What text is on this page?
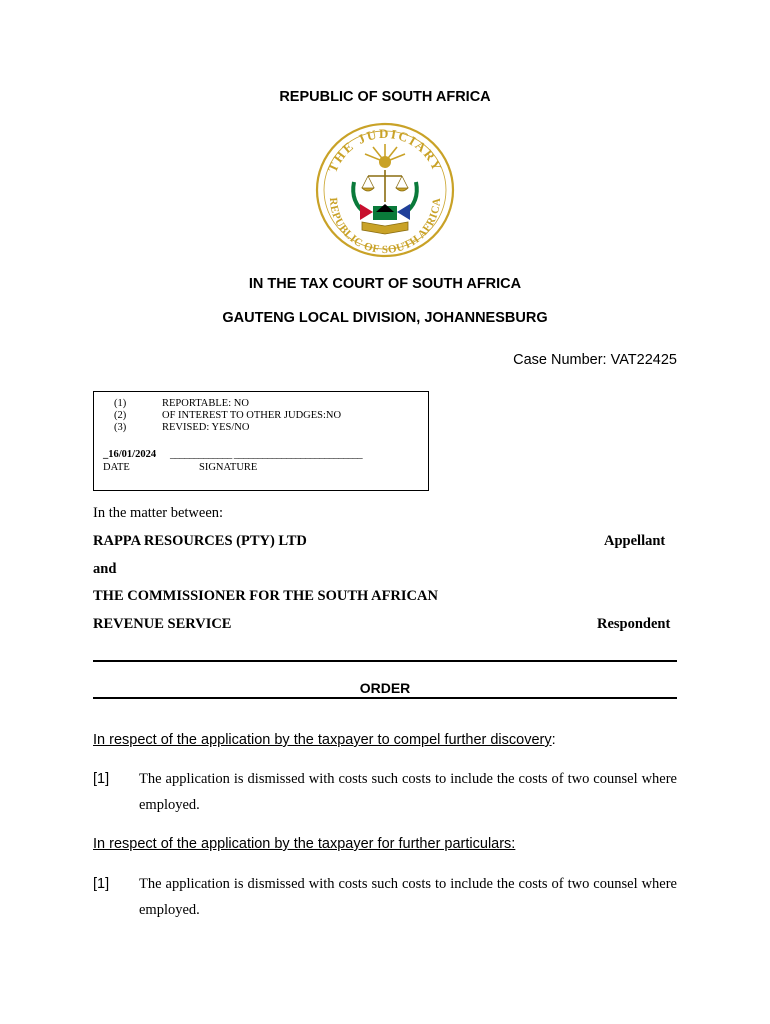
REPUBLIC OF SOUTH AFRICA
THE JUDICIARY
REPUBLIC OF SOUTH AFRICA
IN THE TAX COURT OF SOUTH AFRICA
GAUTENG LOCAL DIVISION, JOHANNESBURG
Case Number: VAT22425
(1)	REPORTABLE: NO
(2)	OF INTEREST TO OTHER JUDGES:NO
(3)	REVISED: YES/NO
_16/01/2024 _____________ ___________________________
DATE	SIGNATURE
In the matter between:
RAPPA RESOURCES (PTY) LTD	Appellant
and
THE COMMISSIONER FOR THE SOUTH AFRICAN
REVENUE SERVICE	Respondent
ORDER
In respect of the application by the taxpayer to compel further discovery:
[1] The application is dismissed with costs such costs to include the costs of two counsel where employed.
In respect of the application by the taxpayer for further particulars:
[1] The application is dismissed with costs such costs to include the costs of two counsel where employed.
